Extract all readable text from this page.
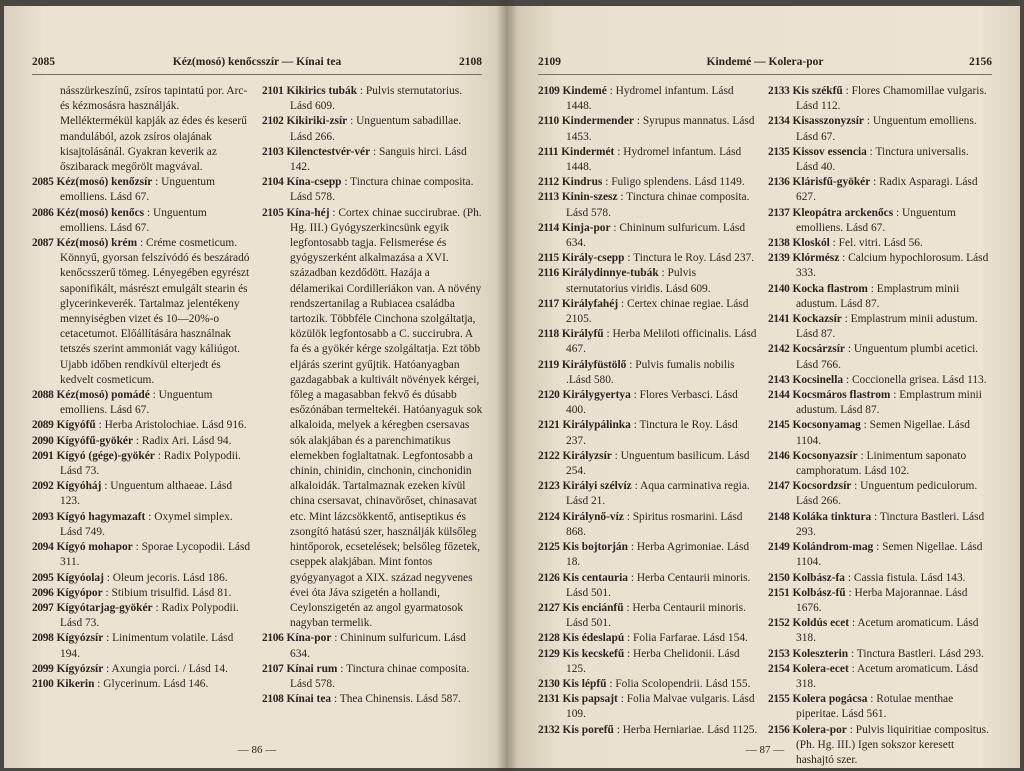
2085	Kéz(mosó) kenőcsszír — Kínai tea	2108

násszürkeszínű, zsíros tapintatú por. Arc- és kézmosásra használják. Melléktermékül kapják az édes és keserű mandulából, azok zsíros olajának kisajtolásánál. Gyakran keverik az őszibarack megőrölt magvával.

2085 Kéz(mosó) kenőzsír : Unguentum emolliens. Lásd 67.

2086 Kéz(mosó) kenőcs : Unguentum emolliens. Lásd 67.

2087 Kéz(mosó) krém : Créme cosmeticum. Könnyű, gyorsan felszívódó és beszáradó kenőcsszerű tömeg. Lényegében egyrészt saponifikált, másrészt emulgált stearin és glycerinkeverék. Tartalmaz jelentékeny mennyiségben vizet és 10—20%-o cetacetumot. Előállítására használnak tetszés szerint ammoniát vagy káliúgot. Ujabb időben rendkívül elterjedt és kedvelt cosmeticum.

2088 Kéz(mosó) pomádé : Unguentum emolliens. Lásd 67.

2089 Kígyófű : Herba Aristolochiae. Lásd 916.

2090 Kígyófű-gyökér : Radix Ari. Lásd 94.

2091 Kígyó (gége)-gyökér : Radix Polypodii. Lásd 73.

2092 Kígyóháj : Unguentum althaeae. Lásd 123.

2093 Kígyó hagymazaft : Oxymel simplex. Lásd 749.

2094 Kígyó mohapor : Sporae Lycopodii. Lásd 311.

2095 Kígyóolaj : Oleum jecoris. Lásd 186.

2096 Kígyópor : Stibium trisulfid. Lásd 81.

2097 Kígyótarjag-gyökér : Radix Polypodii. Lásd 73.

2098 Kígyózsír : Linimentum volatile. Lásd 194.

2099 Kígyózsír : Axungia porci. / Lásd 14.

2100 Kikerin : Glycerinum. Lásd 146.

2101 Kikirics tubák : Pulvis sternutatorius. Lásd 609.

2102 Kikiriki-zsír : Unguentum sabadillae. Lásd 266.

2103 Kilenctestvér-vér : Sanguis hirci. Lásd 142.

2104 Kína-csepp : Tinctura chinae composita. Lásd 578.

2105 Kína-héj : Cortex chinae succirubrae. (Ph. Hg. III.) Gyógyszerkincsünk egyik legfontosabb tagja. Felismerése és gyógyszerként alkalmazása a XVI. században kezdődött. Hazája a délamerikai Cordilleriákon van. A növény rendszertanilag a Rubiacea családba tartozik. Többféle Cinchona szolgáltatja, közülök legfontosabb a C. succirubra. A fa és a gyökér kérge szolgáltatja. Ezt több eljárás szerint gyűjtik. Hatóanyagban gazdagabbak a kultivált növények kérgei, főleg a magasabban fekvő és dúsabb esőzónában termeltekéi. Hatóanyaguk sok alkaloida, melyek a kéregben csersavas sók alakjában és a parenchimatikus elemekben foglaltatnak. Legfontosabb a chinin, chinidin, cinchonin, cinchonidin alkaloidák. Tartalmaznak ezeken kívül china csersavat, chinavörőset, chinasavat etc. Mint lázcsökkentő, antiseptikus és zsongító hatású szer, használják külsőleg hintőporok, ecsetelések; belsőleg főzetek, cseppek alakjában. Mint fontos gyógyanyagot a XIX. század negyvenes évei óta Jáva szigetén a hollandi, Ceylonszigetén az angol gyarmatosok nagyban termelik.

2106 Kína-por : Chininum sulfuricum. Lásd 634.

2107 Kínai rum : Tinctura chinae composita. Lásd 578.

2108 Kínai tea : Thea Chinensis. Lásd 587.

— 86 —
2109	Kindemé — Kolera-por	2156

2109 Kindemé : Hydromel infantum. Lásd 1448.

2110 Kindermender : Syrupus mannatus. Lásd 1453.

2111 Kindermét : Hydromel infantum. Lásd 1448.

2112 Kindrus : Fuligo splendens. Lásd 1149.

2113 Kinin-szesz : Tinctura chinae composita. Lásd 578.

2114 Kinja-por : Chininum sulfuricum. Lásd 634.

2115 Király-csepp : Tinctura le Roy. Lásd 237.

2116 Királydinnye-tubák : Pulvis sternutatorius viridis. Lásd 609.

2117 Királyfahéj : Certex chinae regiae. Lásd 2105.

2118 Királyfű : Herba Meliloti officinalis. Lásd 467.

2119 Királyfüstölő : Pulvis fumalis nobilis .Lásd 580.

2120 Királygyertya : Flores Verbasci. Lásd 400.

2121 Királypálinka : Tinctura le Roy. Lásd 237.

2122 Királyzsír : Unguentum basilicum. Lásd 254.

2123 Királyi szélvíz : Aqua carminativa regia. Lásd 21.

2124 Királynő-víz : Spiritus rosmarini. Lásd 868.

2125 Kis bojtorján : Herba Agrimoniae. Lásd 18.

2126 Kis centauria : Herba Centaurii minoris. Lásd 501.

2127 Kis enciánfű : Herba Centaurii minoris. Lásd 501.

2128 Kis édeslapú : Folia Farfarae. Lásd 154.

2129 Kis kecskefű : Herba Chelidonii. Lásd 125.

2130 Kis lépfű : Folia Scolopendrii. Lásd 155.

2131 Kis papsajt : Folia Malvae vulgaris. Lásd 109.

2132 Kis porefű : Herba Herniariae. Lásd 1125.

2133 Kis székfű : Flores Chamomillae vulgaris. Lásd 112.

2134 Kisasszonyzsír : Unguentum emolliens. Lásd 67.

2135 Kissov essencia : Tinctura universalis. Lásd 40.

2136 Klárisfű-gyökér : Radix Asparagi. Lásd 627.

2137 Kleopátra arckenőcs : Unguentum emolliens. Lásd 67.

2138 Kloskól : Fel. vitri. Lásd 56.

2139 Klórmész : Calcium hypochlorosum. Lásd 333.

2140 Kocka flastrom : Emplastrum minii adustum. Lásd 87.

2141 Kockazsír : Emplastrum minii adustum. Lásd 87.

2142 Kocsárzsír : Unguentum plumbi acetici. Lásd 766.

2143 Kocsinella : Coccionella grisea. Lásd 113.

2144 Kocsmáros flastrom : Emplastrum minii adustum. Lásd 87.

2145 Kocsonyamag : Semen Nigellae. Lásd 1104.

2146 Kocsonyazsír : Linimentum saponato camphoratum. Lásd 102.

2147 Kocsordzsír : Unguentum pediculorum. Lásd 266.

2148 Koláka tinktura : Tinctura Bastleri. Lásd 293.

2149 Kolándrom-mag : Semen Nigellae. Lásd 1104.

2150 Kolbász-fa : Cassia fistula. Lásd 143.

2151 Kolbász-fű : Herba Majorannae. Lásd 1676.

2152 Koldús ecet : Acetum aromaticum. Lásd 318.

2153 Koleszterin : Tinctura Bastleri. Lásd 293.

2154 Kolera-ecet : Acetum aromaticum. Lásd 318.

2155 Kolera pogácsa : Rotulae menthae piperitae. Lásd 561.

2156 Kolera-por : Pulvis liquiritiae compositus. (Ph. Hg. III.) Igen sokszor keresett hashajtó szer.

— 87 —
